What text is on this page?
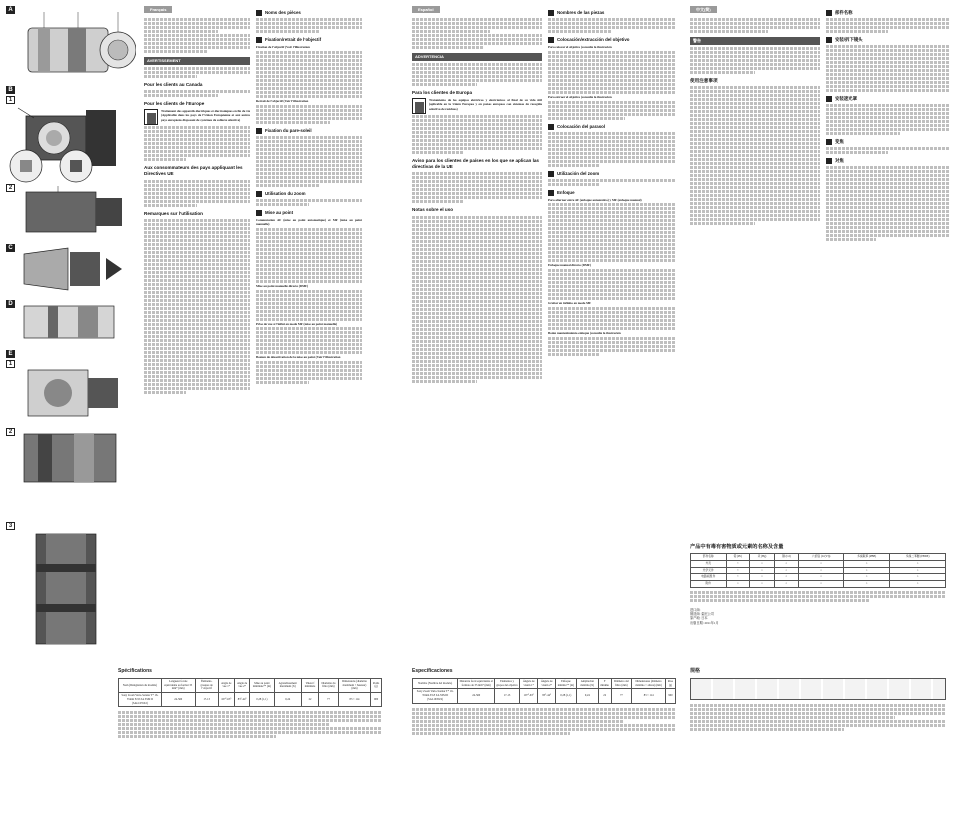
A
B
1
2
C
D
E
1
2
3
Français
AVERTISSEMENT
Pour les clients au Canada
Pour les clients de l’Europe
Traitement des appareils électriques et électroniques en fin de vie (Applicable dans les pays de l’Union Européenne et aux autres pays européens disposant de systèmes de collecte sélective)
Aux consommateurs des pays appliquant les Directives UE
Remarques sur l’utilisation
Noms des pièces
Fixation/retrait de l’objectif
Fixation de l’objectif (Voir l’illustration
Retrait de l’objectif (Voir l’illustration
Fixation du pare-soleil
Utilisation du zoom
Mise au point
Commutation AF (mise au point automatique) et MF (mise au point manuelle)
Mise au point manuelle directe (DMF)
Prise de vue à l’infini en mode MF (mise au point manuelle)
Bouton de désactivation de la mise au point (Voir l’illustration
Español
ADVERTENCIA
Para los clientes de Europa
Tratamiento de los equipos eléctricos y electrónicos al final de su vida útil (aplicable en la Unión Europea y en países europeos con sistemas de recogida selectiva de residuos)
Aviso para los clientes de países en los que se aplican las directivas de la UE
Notas sobre el uso
Nombres de las piezas
Colocación/extracción del objetivo
Para colocar el objetivo (consulte la ilustración
Para extraer el objetivo (consulte la ilustración
Colocación del parasol
Utilización del zoom
Enfoque
Para alternar entre AF (enfoque automático) y MF (enfoque manual)
Enfoque manual directo (DMF)
Grabar en infinito en modo MF
Botón mantenimiento enfoque (consulte la ilustración
中文(简)
警告
使用注意事项
部件名称
安装/拆下镜头
安装遮光罩
变焦
对焦
产品中有毒有害物质或元素的名称及含量
部件名称	铅 (Pb)	汞 (Hg)	镉 (Cd)	六价铬 (Cr(VI))	多溴联苯 (PBB)	多溴二苯醚 (PBDE)
外壳	×	○	○	○	○	○
光学元件	×	○	○	○	○	○
电路板组件	×	○	○	○	○	○
附件	○	○	○	○	○	○
进口商:
制造商: 索尼公司
原产地: 日本
出版日期: 2011年1月
Spécifications
Nom (Désignation du modèle)	Longueur focale équivalente au format 35 mm* (mm)	Éléments-groupes de l’objectif	Angle de vue 1*	Angle de vue 2*	Mise au point minimale** (m)	Agrandissement maximum (X)	Valeur f minimale	Diamètre du filtre (mm)	Dimensions (diamètre maximum × hauteur) (mm)	Poids (g)
Sony Zoom Vario-Sonnar T* 16-35mm F2.8 ZA SSM II (SAL1635Z2)	24-560	17-13	107°-63°	83°-44°	0,28 (1,1)	0,24	22	77	83 × 114	900
Especificaciones
Nombre (Nombre del modelo)	Distancia focal equivalente al formato de 35 mm* (mm)	Elementos y grupos del objetivo	Ángulo de visión 1*	Ángulo de visión 2*	Enfoque mínimo** (m)	Ampliación máxima (X)	F mínimo	Diámetro del filtro (mm)	Dimensiones (diámetro máximo × altura) (mm)	Peso (g)
Sony Zoom Vario-Sonnar T* 16-35mm F2.8 ZA SSM II (SAL1635Z2)	24-560	17-13	107°-63°	83°-44°	0,28 (1,1)	0,24	22	77	83 × 114	900
规格
